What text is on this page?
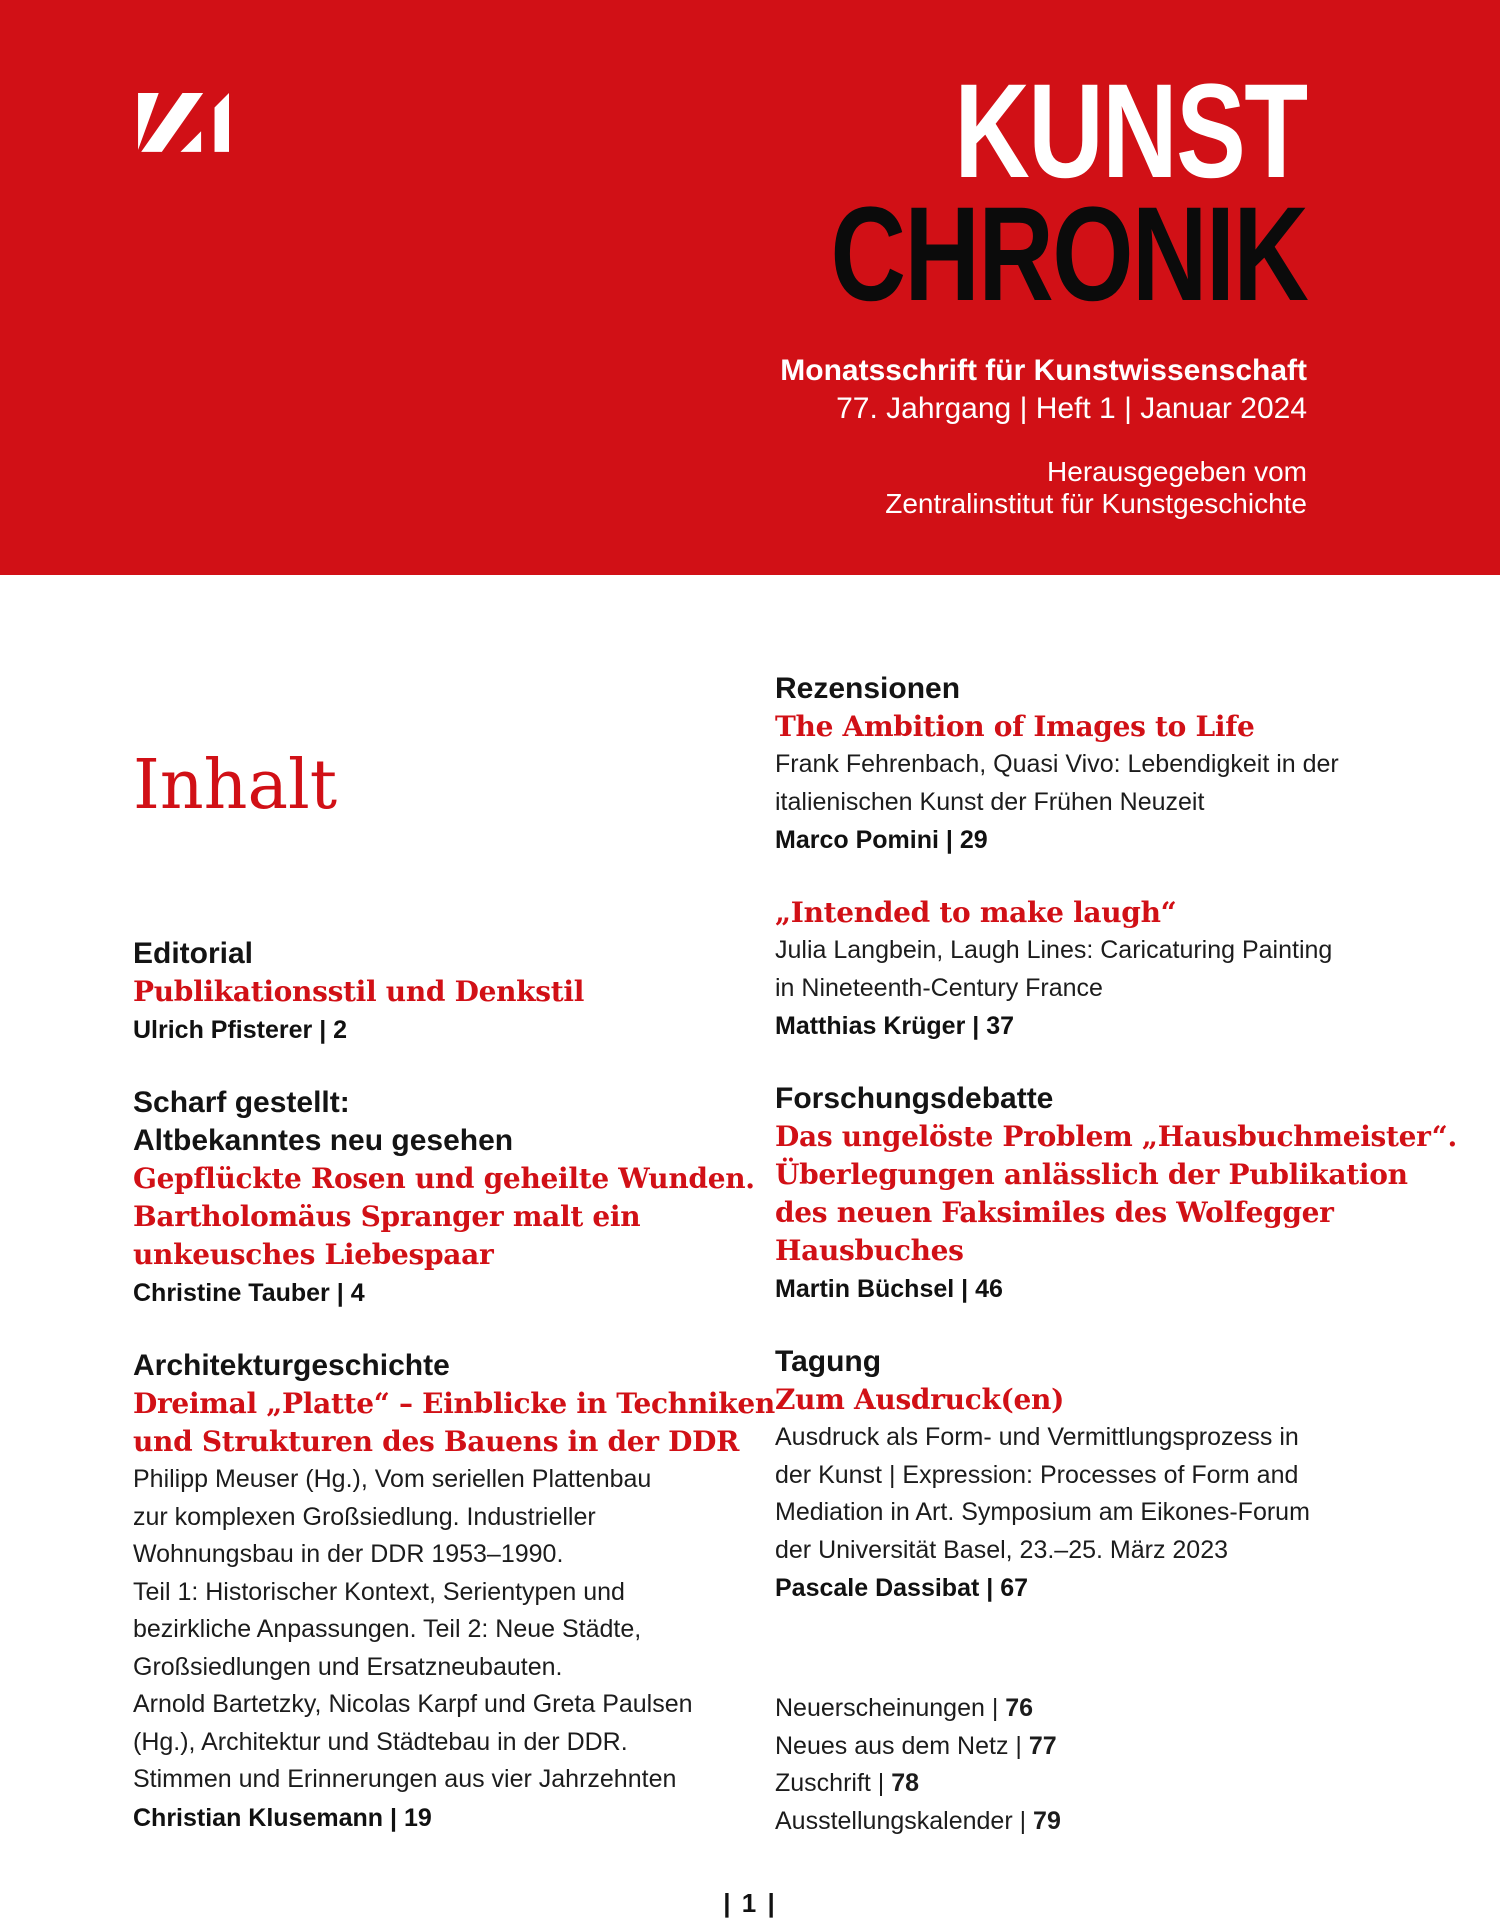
KUNST
CHRONIK
Monatsschrift für Kunstwissenschaft
77. Jahrgang | Heft 1 | Januar 2024
Herausgegeben vom
Zentralinstitut für Kunstgeschichte
Inhalt
Editorial
Publikationsstil und Denkstil
Ulrich Pfisterer | 2
Scharf gestellt:
Altbekanntes neu gesehen
Gepflückte Rosen und geheilte Wunden.
Bartholomäus Spranger malt ein
unkeusches Liebespaar
Christine Tauber | 4
Architekturgeschichte
Dreimal „Platte“ – Einblicke in Techniken
und Strukturen des Bauens in der DDR
Philipp Meuser (Hg.), Vom seriellen Plattenbau
zur komplexen Großsiedlung. Industrieller
Wohnungsbau in der DDR 1953–1990.
Teil 1: Historischer Kontext, Serientypen und
bezirkliche Anpassungen. Teil 2: Neue Städte,
Großsiedlungen und Ersatzneubauten.
Arnold Bartetzky, Nicolas Karpf und Greta Paulsen
(Hg.), Architektur und Städtebau in der DDR.
Stimmen und Erinnerungen aus vier Jahrzehnten
Christian Klusemann | 19
Rezensionen
The Ambition of Images to Life
Frank Fehrenbach, Quasi Vivo: Lebendigkeit in der
italienischen Kunst der Frühen Neuzeit
Marco Pomini | 29
„Intended to make laugh“
Julia Langbein, Laugh Lines: Caricaturing Painting
in Nineteenth-Century France
Matthias Krüger | 37
Forschungsdebatte
Das ungelöste Problem „Hausbuchmeister“.
Überlegungen anlässlich der Publikation
des neuen Faksimiles des Wolfegger
Hausbuches
Martin Büchsel | 46
Tagung
Zum Ausdruck(en)
Ausdruck als Form- und Vermittlungsprozess in
der Kunst | Expression: Processes of Form and
Mediation in Art. Symposium am Eikones-Forum
der Universität Basel, 23.–25. März 2023
Pascale Dassibat | 67
Neuerscheinungen | 76
Neues aus dem Netz | 77
Zuschrift | 78
Ausstellungskalender | 79
| 1 |
